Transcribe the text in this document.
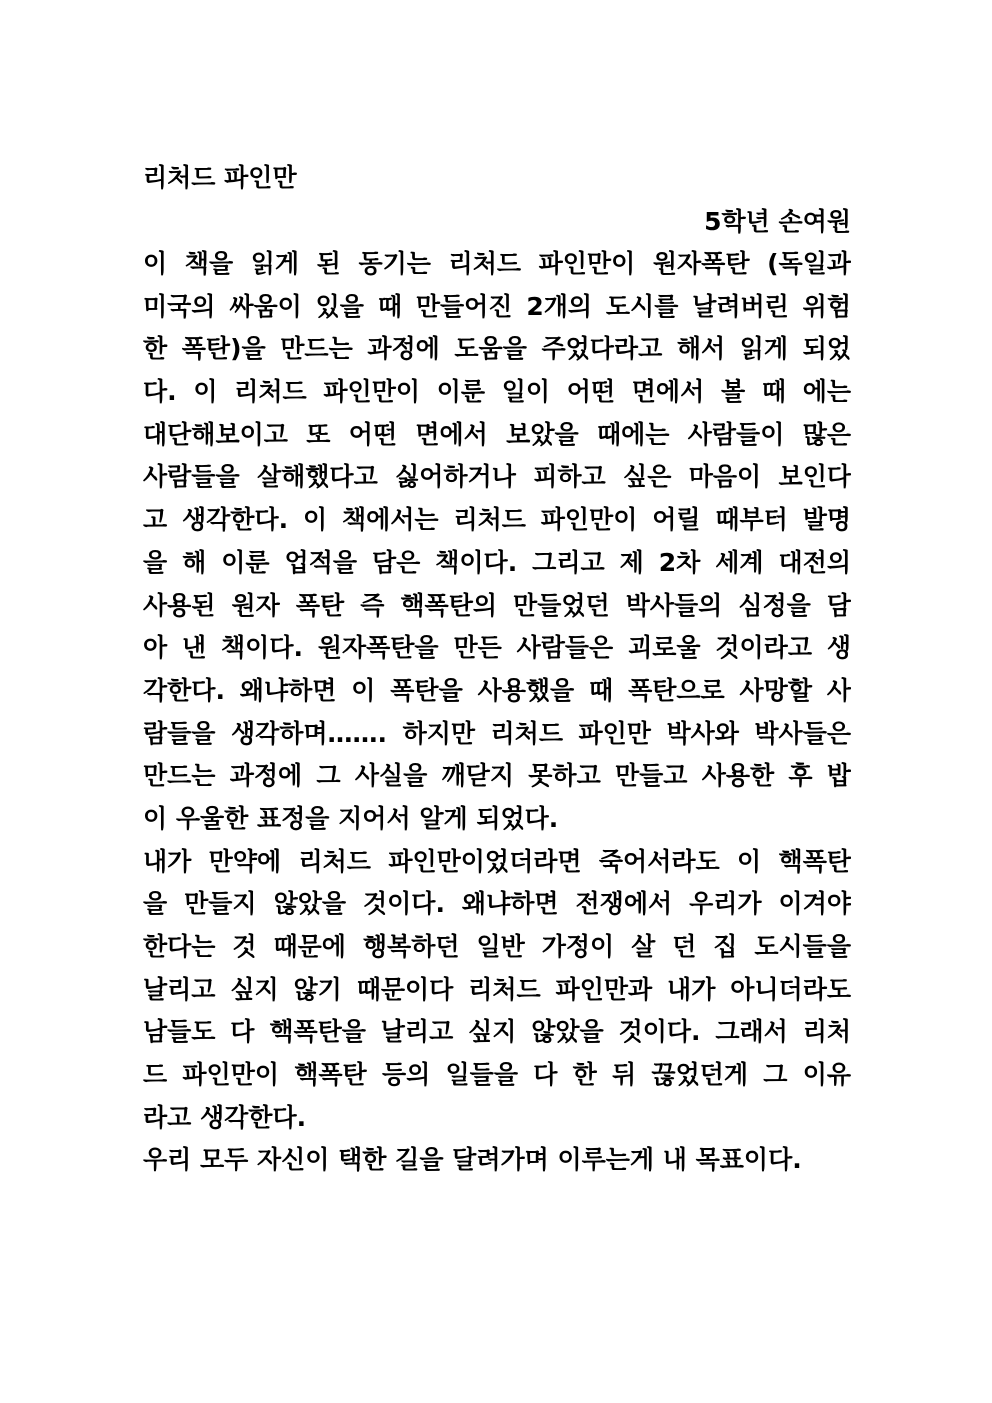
리처드 파인만
5학년 손여원
이 책을 읽게 된 동기는 리처드 파인만이 원자폭탄 (독일과
미국의 싸움이 있을 때 만들어진 2개의 도시를 날려버린 위험
한 폭탄)을 만드는 과정에 도움을 주었다라고 해서 읽게 되었
다. 이 리처드 파인만이 이룬 일이 어떤 면에서 볼 때 에는
대단해보이고 또 어떤 면에서 보았을 때에는 사람들이 많은
사람들을 살해했다고 싫어하거나 피하고 싶은 마음이 보인다
고 생각한다. 이 책에서는 리처드 파인만이 어릴 때부터 발명
을 해 이룬 업적을 담은 책이다. 그리고 제 2차 세계 대전의
사용된 원자 폭탄 즉 핵폭탄의 만들었던 박사들의 심정을 담
아 낸 책이다. 원자폭탄을 만든 사람들은 괴로울 것이라고 생
각한다. 왜냐하면 이 폭탄을 사용했을 때 폭탄으로 사망할 사
람들을 생각하며……. 하지만 리처드 파인만 박사와 박사들은
만드는 과정에 그 사실을 깨닫지 못하고 만들고 사용한 후 밥
이 우울한 표정을 지어서 알게 되었다.
내가 만약에 리처드 파인만이었더라면 죽어서라도 이 핵폭탄
을 만들지 않았을 것이다. 왜냐하면 전쟁에서 우리가 이겨야
한다는 것 때문에 행복하던 일반 가정이 살 던 집 도시들을
날리고 싶지 않기 때문이다 리처드 파인만과 내가 아니더라도
남들도 다 핵폭탄을 날리고 싶지 않았을 것이다. 그래서 리처
드 파인만이 핵폭탄 등의 일들을 다 한 뒤 끊었던게 그 이유
라고 생각한다.
우리 모두 자신이 택한 길을 달려가며 이루는게 내 목표이다.
